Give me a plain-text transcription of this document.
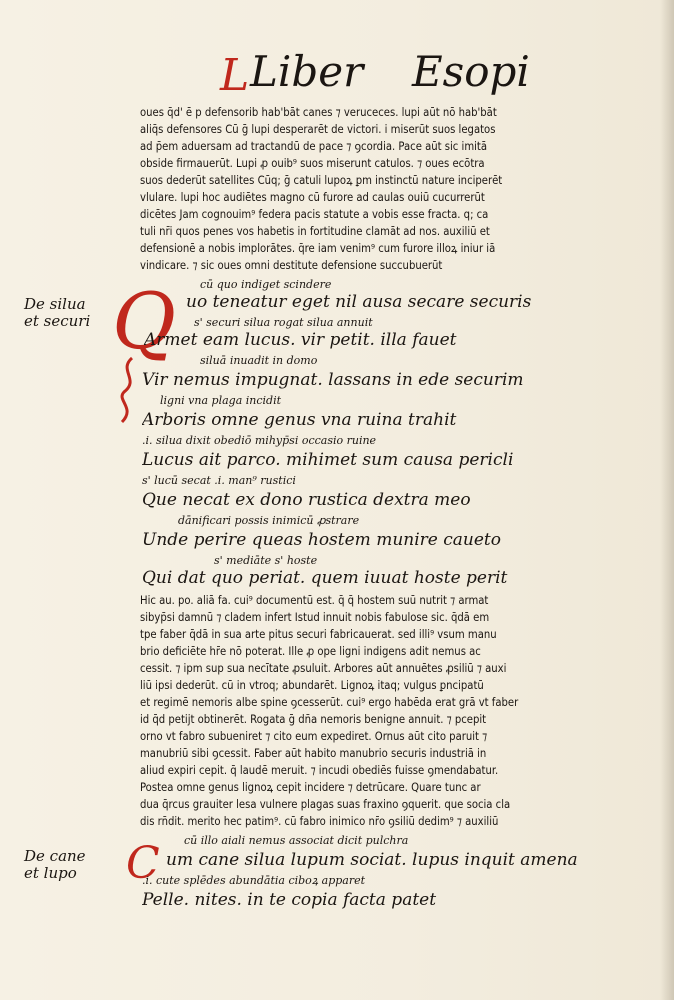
L Liber Esopi
De silua
et securi
De cane
et lupo
oues q̄d' ē p defensorib hab'bāt canes ⁊ veruceces. lupi aūt nō hab'bāt
aliq̄s defensores Cū ḡ lupi desperarēt de victori. i miserūt suos legatos
ad p̄em aduersam ad tractandū de pace ⁊ ꝯcordia. Pace aūt sic imitā
obside firmauerūt. Lupi ꝓ ouib⁹ suos miserunt catulos. ⁊ oues ecōtra
suos dederūt satellites Cūq; ḡ catuli lupoꝝ ꝑm instinctū nature inciperēt
vlulare. lupi hoc audiētes magno cū furore ad caulas ouiū cucurrerūt
dicētes Jam cognouim⁹ federa pacis statute a vobis esse fracta. q; ca
tuli nr̄i quos penes vos habetis in fortitudine clamāt ad nos. auxiliū et
defensionē a nobis implorātes. q̄re iam venim⁹ cum furore illoꝝ iniur iā
vindicare. ⁊ sic oues omni destitute defensione succubuerūt
Q cū quo indiget scindere
uo teneatur eget nil ausa secare securis
s' securi silua rogat silua annuit
Armet eam lucus. vir petit. illa fauet
siluā inuadit in domo
Vir nemus impugnat. lassans in ede securim
ligni vna plaga incidit
Arboris omne genus vna ruina trahit
.i. silua dixit obediō mihyp̄si occasio ruine
Lucus ait parco. mihimet sum causa pericli
s' lucū secat .i. man⁹ rustici
Que necat ex dono rustica dextra meo
dānificari possis inimicū ꝓstrare
Unde perire queas hostem munire caueto
s' mediāte s' hoste
Qui dat quo periat. quem iuuat hoste perit
Hic au. po. aliā fa. cui⁹ documentū est. q̄ q̄ hostem suū nutrit ⁊ armat
sibyp̄si damnū ⁊ cladem infert Istud innuit nobis fabulose sic. q̄dā em
tpe faber q̄dā in sua arte pitus securi fabricauerat. sed illi⁹ vsum manu
brio deficiēte hr̄e nō poterat. Ille ꝓ ope ligni indigens adit nemus ac
cessit. ⁊ ipm sup sua necītate ꝓsuluit. Arbores aūt annuētes ꝓsiliū ⁊ auxi
liū ipsi dederūt. cū in vtroq; abundarēt. Lignoꝝ itaq; vulgus ꝑncipatū
et regimē nemoris albe spine ꝯcesserūt. cui⁹ ergo habēda erat grā vt faber
id q̄d petijt obtinerēt. Rogata ḡ dn̄a nemoris benigne annuit. ⁊ pcepit
orno vt fabro subueniret ⁊ cito eum expediret. Ornus aūt cito paruit ⁊
manubriū sibi ꝯcessit. Faber aūt habito manubrio securis industriā in
aliud expiri cepit. q̄ laudē meruit. ⁊ incudi obediēs fuisse ꝯmendabatur.
Postea omne genus lignoꝝ cepit incidere ⁊ detrūcare. Quare tunc ar
dua q̄rcus grauiter lesa vulnere plagas suas fraxino ꝯquerit. que socia cla
dis rn̄dit. merito hec patim⁹. cū fabro inimico nr̄o ꝯsiliū dedim⁹ ⁊ auxiliū
C cū illo aiali nemus associat dicit pulchra
um cane silua lupum sociat. lupus inquit amena
.i. cute splēdes abundātia ciboꝝ apparet
Pelle. nites. in te copia facta patet
